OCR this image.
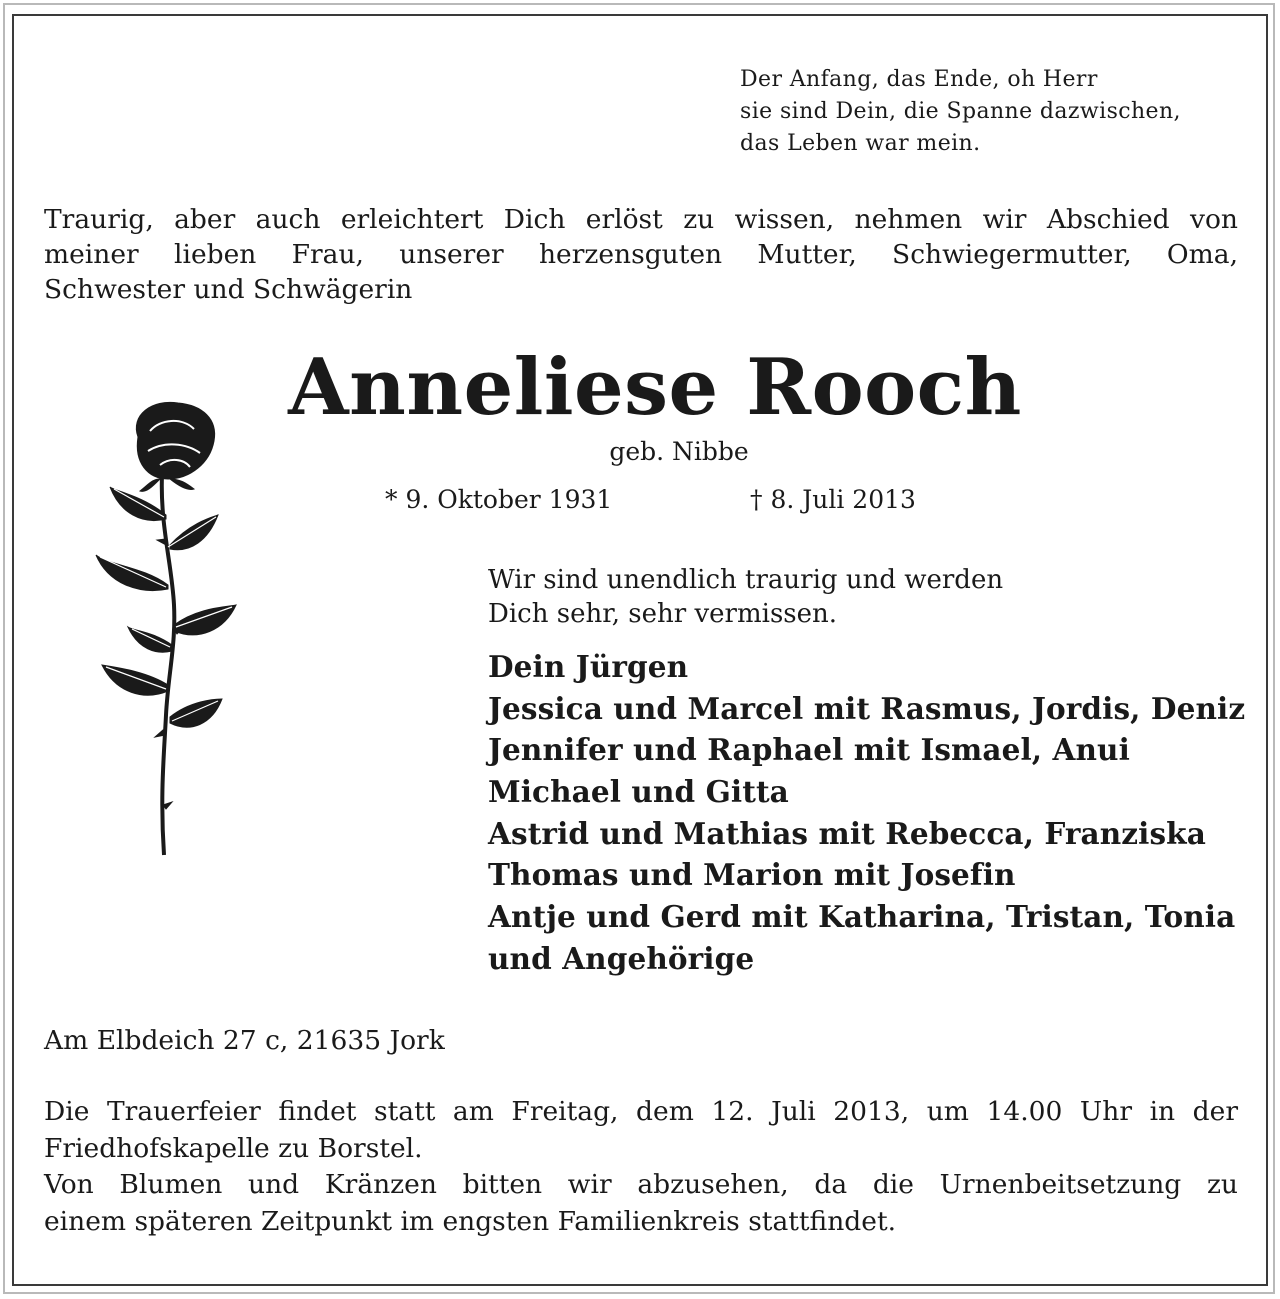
Der Anfang, das Ende, oh Herr
sie sind Dein, die Spanne dazwischen,
das Leben war mein.
Traurig, aber auch erleichtert Dich erlöst zu wissen, nehmen wir Abschied von
meiner lieben Frau, unserer herzensguten Mutter, Schwiegermutter, Oma,
Schwester und Schwägerin
Anneliese Rooch
geb. Nibbe
* 9. Oktober 1931	† 8. Juli 2013
Wir sind unendlich traurig und werden
Dich sehr, sehr vermissen.
Dein Jürgen
Jessica und Marcel mit Rasmus, Jordis, Deniz
Jennifer und Raphael mit Ismael, Anui
Michael und Gitta
Astrid und Mathias mit Rebecca, Franziska
Thomas und Marion mit Josefin
Antje und Gerd mit Katharina, Tristan, Tonia
und Angehörige
Am Elbdeich 27 c, 21635 Jork
Die Trauerfeier findet statt am Freitag, dem 12. Juli 2013, um 14.00 Uhr in der
Friedhofskapelle zu Borstel.
Von Blumen und Kränzen bitten wir abzusehen, da die Urnenbeitsetzung zu
einem späteren Zeitpunkt im engsten Familienkreis stattfindet.
